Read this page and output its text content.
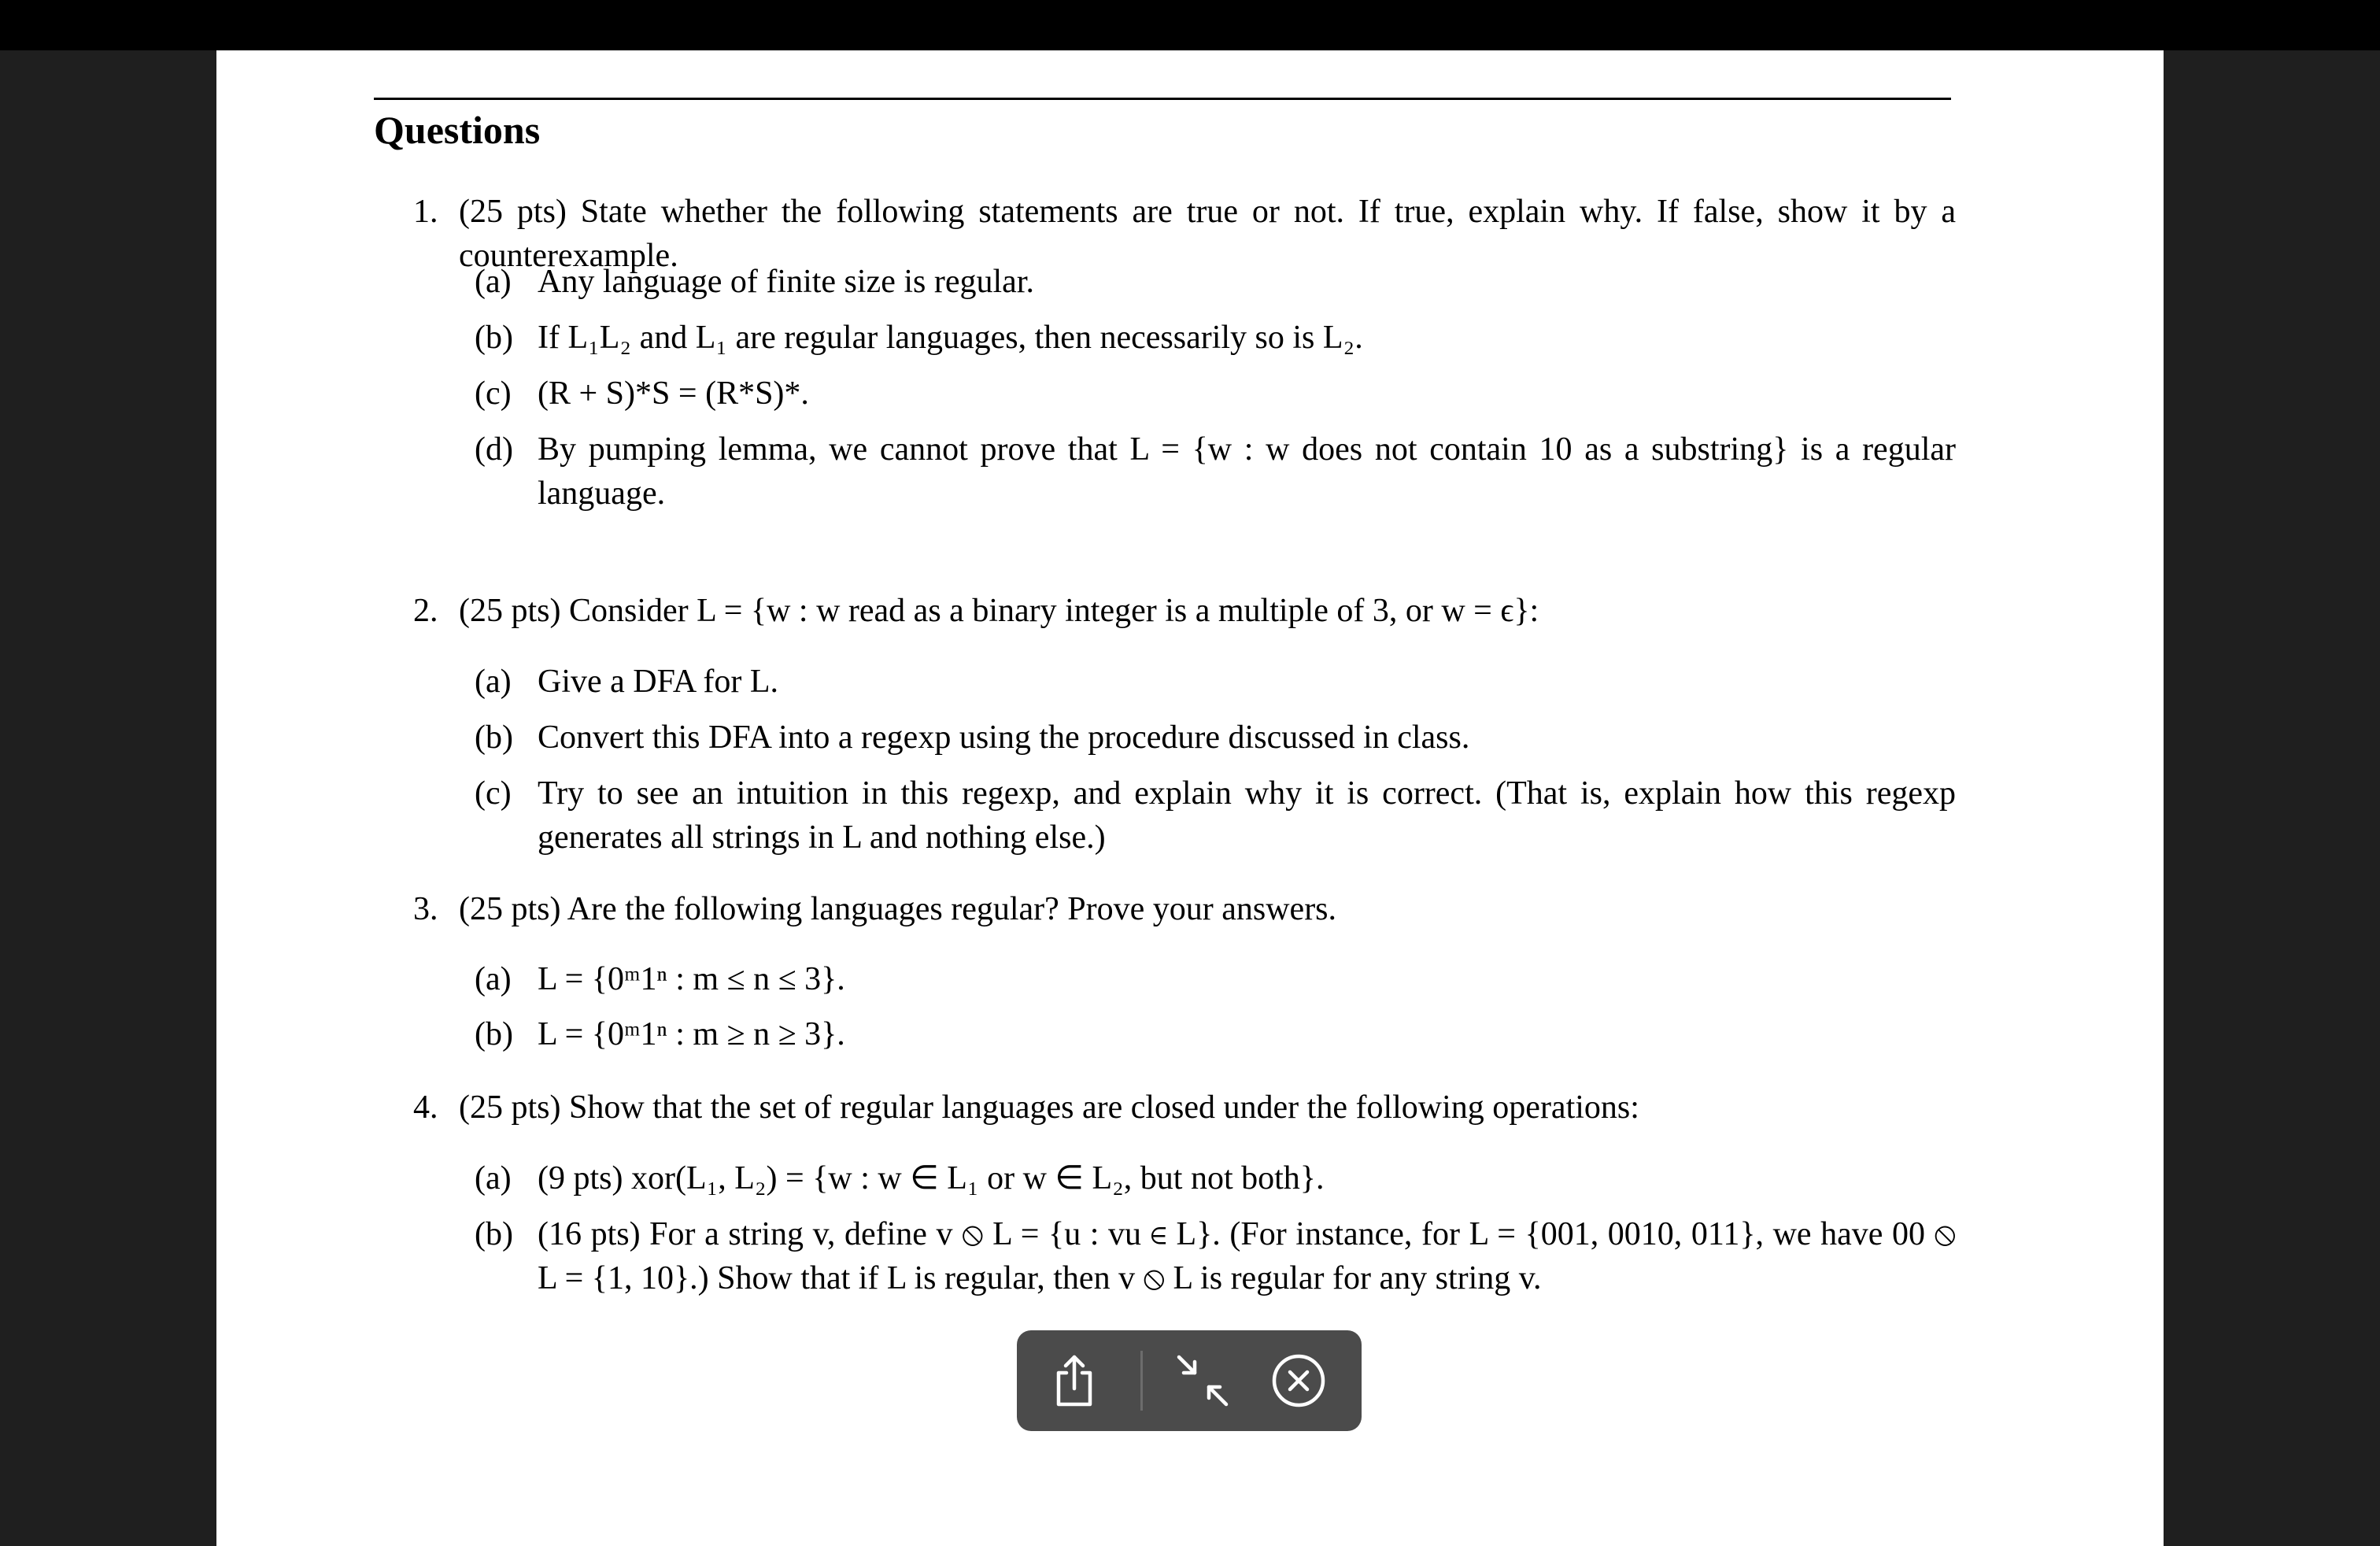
Questions
1. (25 pts) State whether the following statements are true or not. If true, explain why. If false, show it by a counterexample.
(a) Any language of finite size is regular.
(b) If L₁L₂ and L₁ are regular languages, then necessarily so is L₂.
(c) (R + S)*S = (R*S)*.
(d) By pumping lemma, we cannot prove that L = {w : w does not contain 10 as a substring} is a regular language.
2. (25 pts) Consider L = {w : w read as a binary integer is a multiple of 3, or w = ϵ}:
(a) Give a DFA for L.
(b) Convert this DFA into a regexp using the procedure discussed in class.
(c) Try to see an intuition in this regexp, and explain why it is correct. (That is, explain how this regexp generates all strings in L and nothing else.)
3. (25 pts) Are the following languages regular? Prove your answers.
(a) L = {0ᵐ1ⁿ : m ≤ n ≤ 3}.
(b) L = {0ᵐ1ⁿ : m ≥ n ≥ 3}.
4. (25 pts) Show that the set of regular languages are closed under the following operations:
(a) (9 pts) xor(L₁, L₂) = {w : w ∈ L₁ or w ∈ L₂, but not both}.
(b) (16 pts) For a string v, define v ⦸ L = {u : vu ∈ L}. (For instance, for L = {001, 0010, 011}, we have 00 ⦸ L = {1, 10}.) Show that if L is regular, then v ⦸ L is regular for any string v.
